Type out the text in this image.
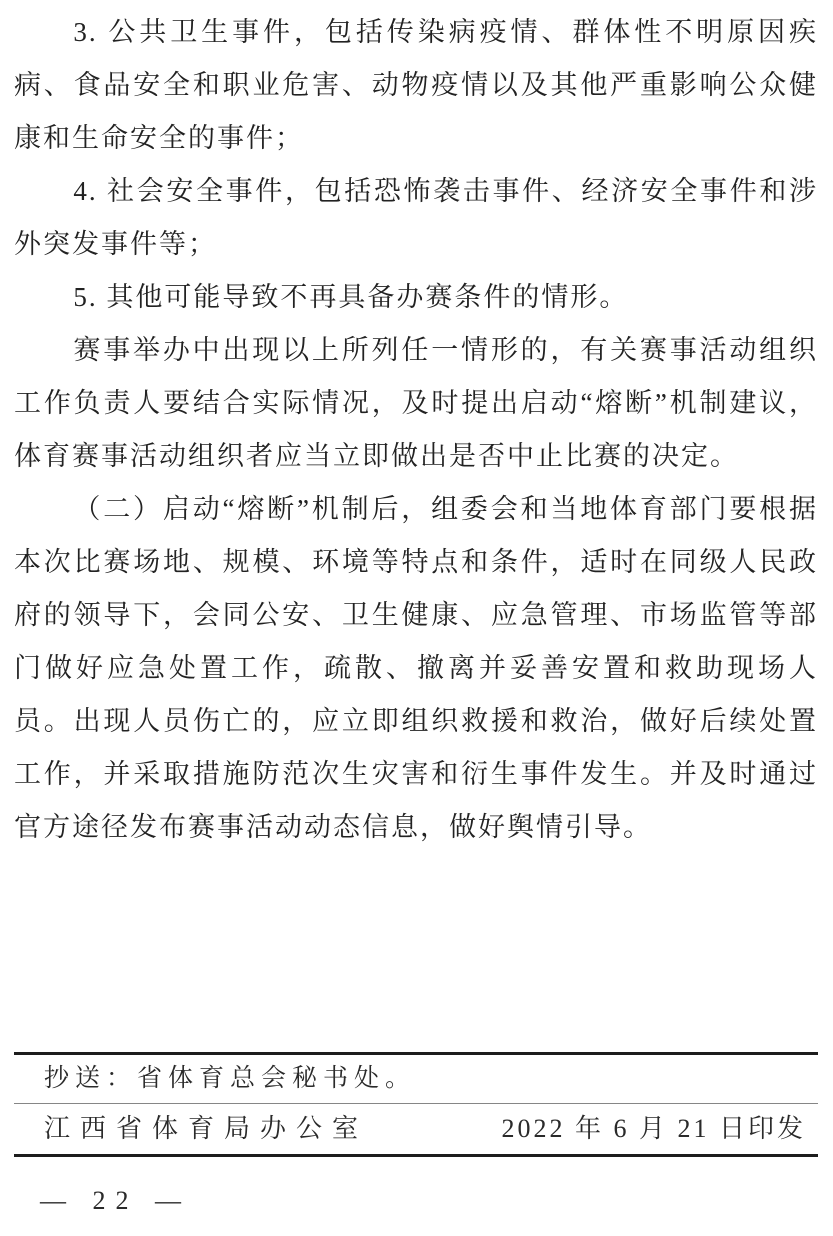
3. 公共卫生事件，包括传染病疫情、群体性不明原因疾病、食品安全和职业危害、动物疫情以及其他严重影响公众健康和生命安全的事件；

4. 社会安全事件，包括恐怖袭击事件、经济安全事件和涉外突发事件等；

5. 其他可能导致不再具备办赛条件的情形。

赛事举办中出现以上所列任一情形的，有关赛事活动组织工作负责人要结合实际情况，及时提出启动“熔断”机制建议，体育赛事活动组织者应当立即做出是否中止比赛的决定。

（二）启动“熔断”机制后，组委会和当地体育部门要根据本次比赛场地、规模、环境等特点和条件，适时在同级人民政府的领导下，会同公安、卫生健康、应急管理、市场监管等部门做好应急处置工作，疏散、撤离并妥善安置和救助现场人员。出现人员伤亡的，应立即组织救援和救治，做好后续处置工作，并采取措施防范次生灾害和衍生事件发生。并及时通过官方途径发布赛事活动动态信息，做好舆情引导。

抄送：省体育总会秘书处。
江西省体育局办公室	2022 年 6 月 21 日印发
— 22 —
